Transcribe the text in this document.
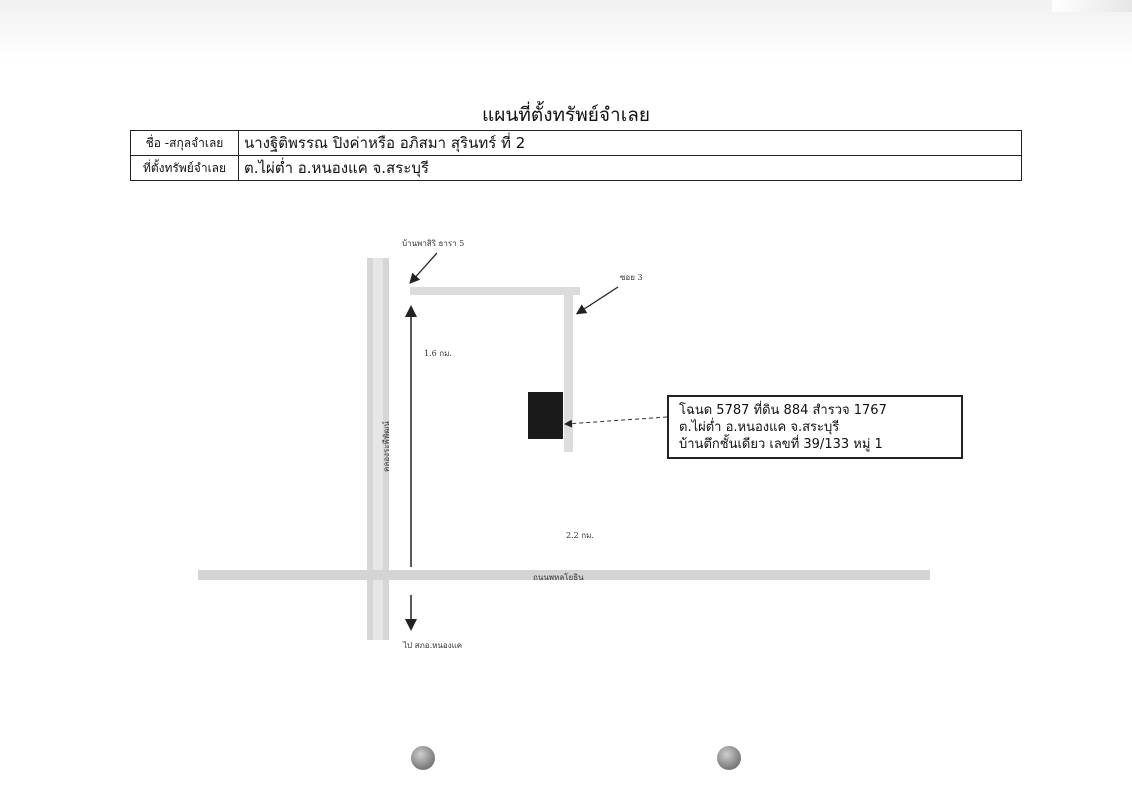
แผนที่ตั้งทรัพย์จำเลย
ชื่อ -สกุลจำเลย	นางฐิติพรรณ ปิงค่าหรือ อภิสมา สุรินทร์ ที่ 2
ที่ตั้งทรัพย์จำเลย	ต.ไผ่ต่ำ อ.หนองแค จ.สระบุรี
บ้านพาสิริ ธารา 5
ซอย 3
1.6 กม.
คลองระพีพัฒน์
2.2 กม.
ถนนพหลโยธิน
ไป สภอ.หนองแค
โฉนด 5787 ที่ดิน 884 สำรวจ 1767
ต.ไผ่ต่ำ อ.หนองแค จ.สระบุรี
บ้านตึกชั้นเดียว เลขที่ 39/133 หมู่ 1
